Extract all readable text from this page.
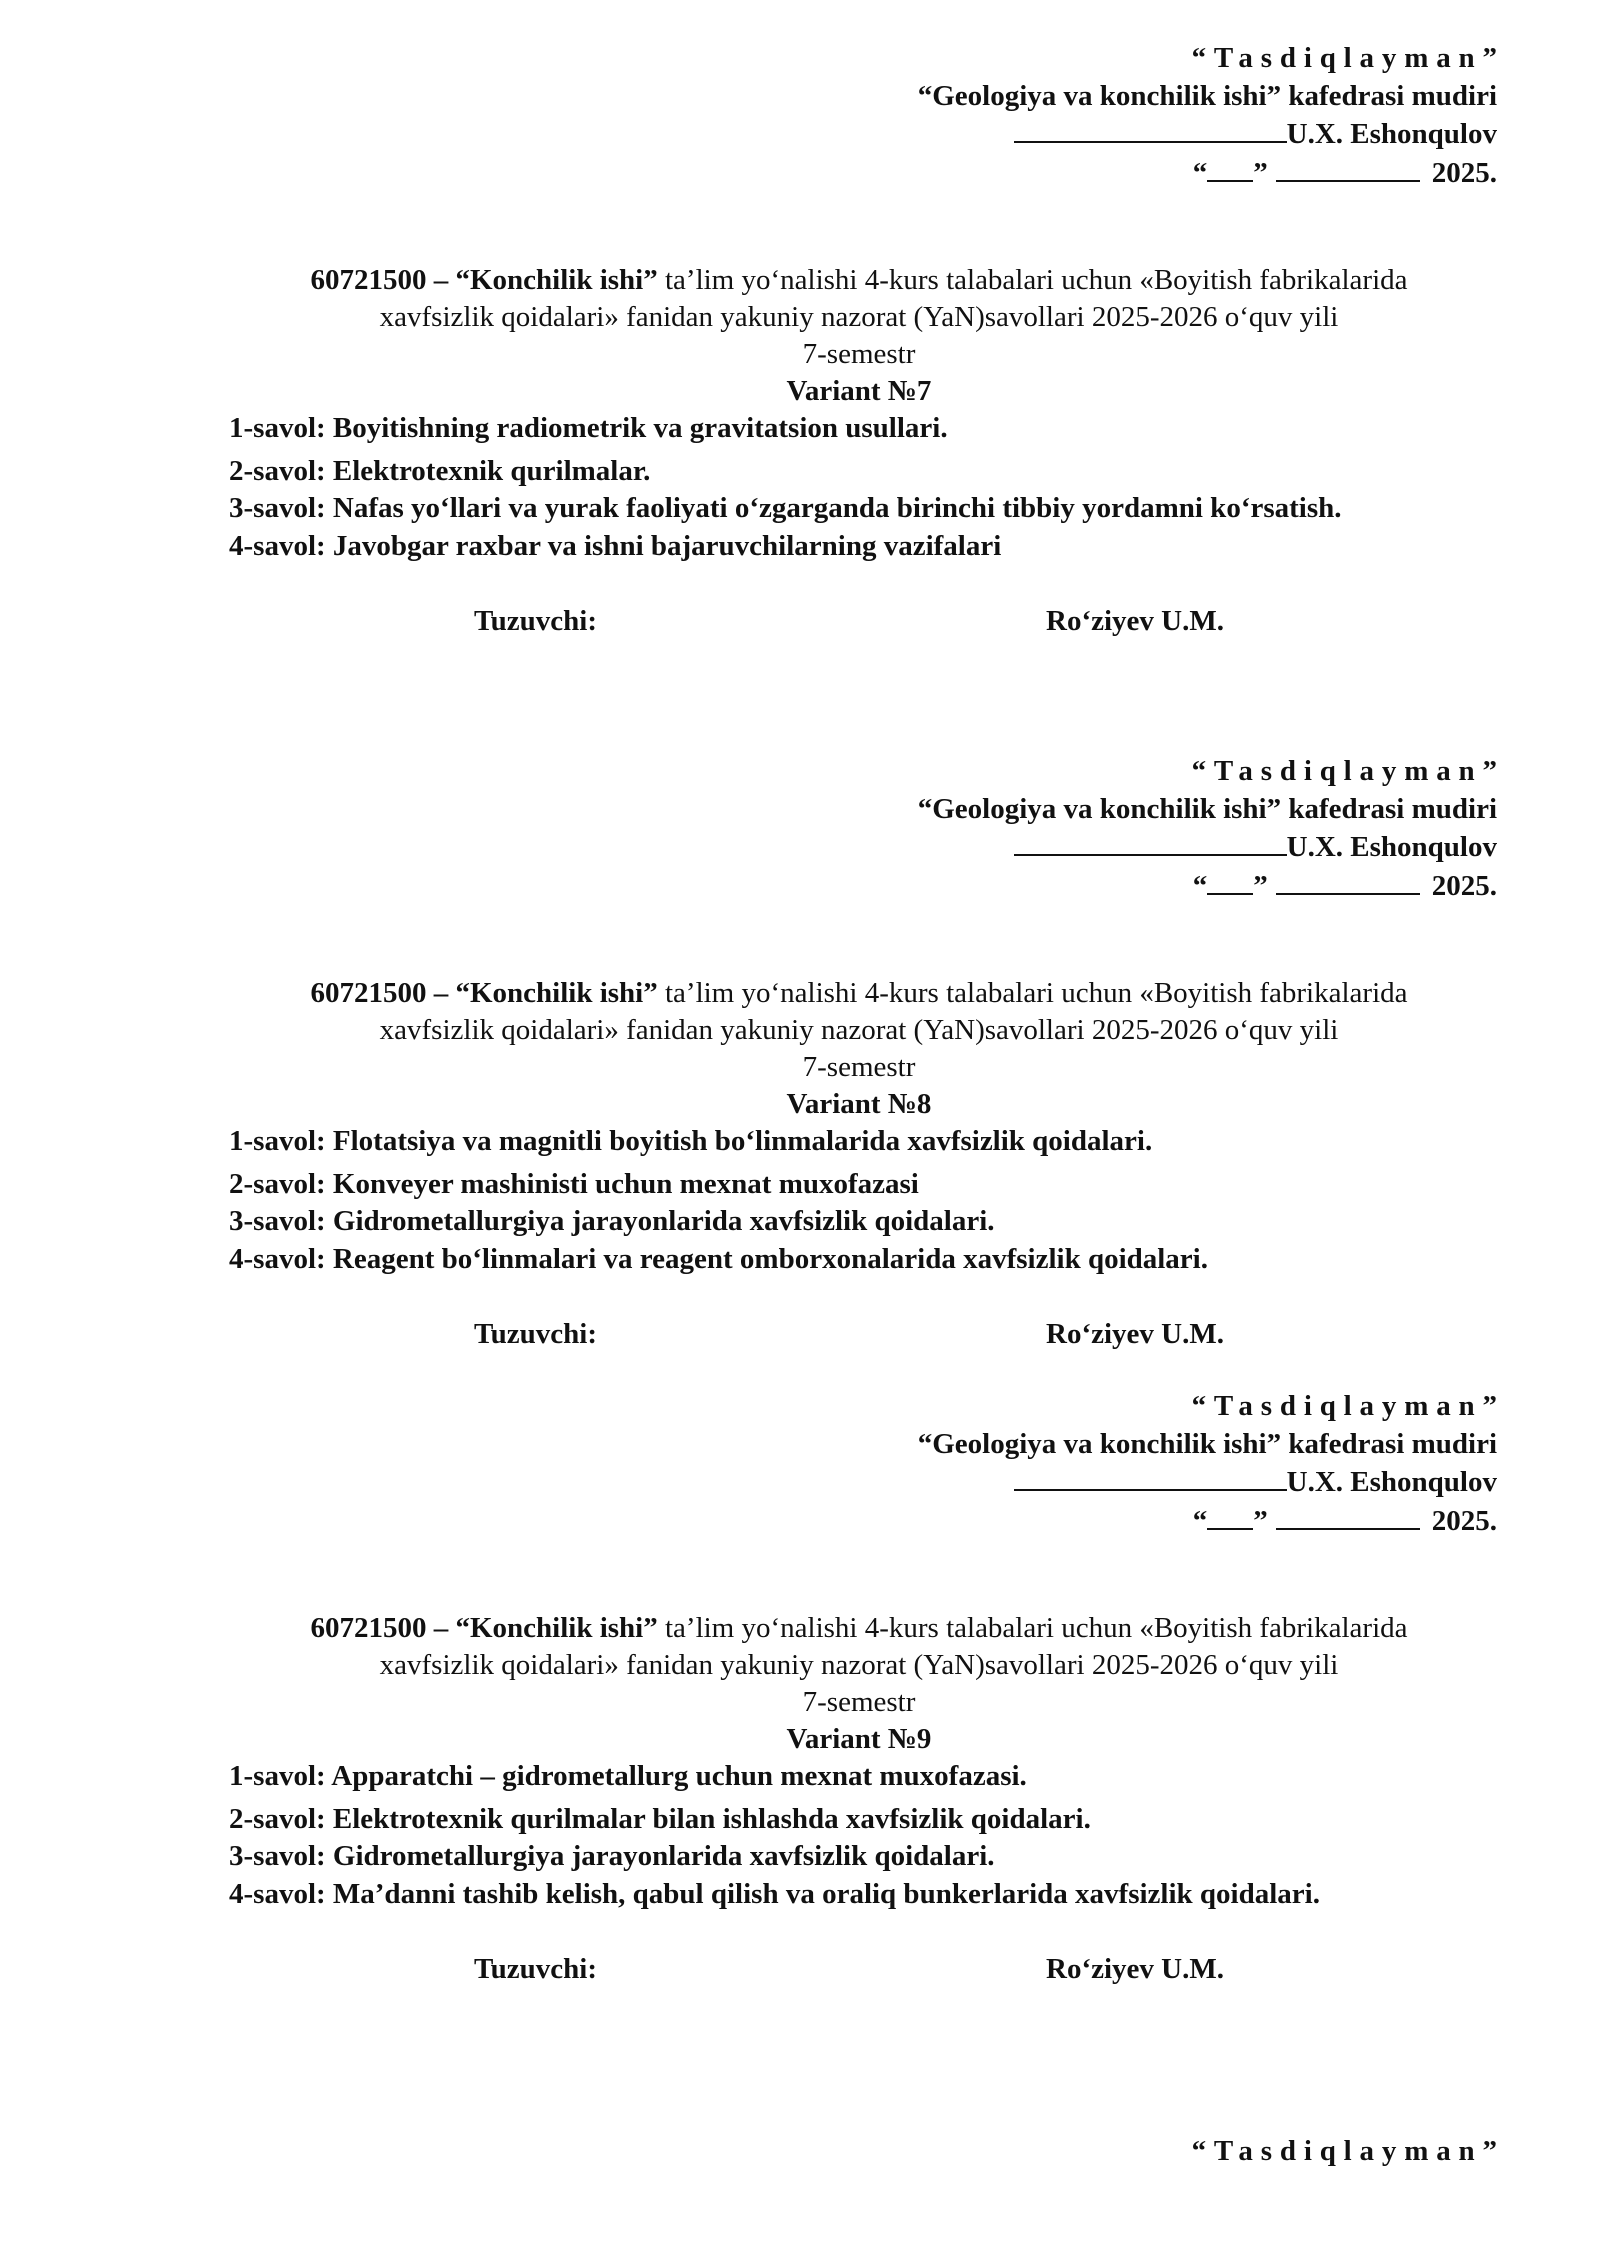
“Tasdiqlayman”
“Geologiya va konchilik ishi” kafedrasi mudiri
U.X. Eshonqulov
“ ”	2025.
60721500 – “Konchilik ishi” ta’lim yo‘nalishi 4-kurs talabalari uchun «Boyitish fabrikalarida
xavfsizlik qoidalari» fanidan yakuniy nazorat (YaN)savollari 2025-2026 o‘quv yili
7-semestr
Variant №7
1-savol: Boyitishning radiometrik va gravitatsion usullari.
2-savol: Elektrotexnik qurilmalar.
3-savol: Nafas yo‘llari va yurak faoliyati o‘zgarganda birinchi tibbiy yordamni ko‘rsatish.
4-savol: Javobgar raxbar va ishni bajaruvchilarning vazifalari
Tuzuvchi:	Ro‘ziyev U.M.
“Tasdiqlayman”
“Geologiya va konchilik ishi” kafedrasi mudiri
U.X. Eshonqulov
“ ”	2025.
60721500 – “Konchilik ishi” ta’lim yo‘nalishi 4-kurs talabalari uchun «Boyitish fabrikalarida
xavfsizlik qoidalari» fanidan yakuniy nazorat (YaN)savollari 2025-2026 o‘quv yili
7-semestr
Variant №8
1-savol: Flotatsiya va magnitli boyitish bo‘linmalarida xavfsizlik qoidalari.
2-savol: Konveyer mashinisti uchun mexnat muxofazasi
3-savol: Gidrometallurgiya jarayonlarida xavfsizlik qoidalari.
4-savol: Reagent bo‘linmalari va reagent omborxonalarida xavfsizlik qoidalari.
Tuzuvchi:	Ro‘ziyev U.M.
“Tasdiqlayman”
“Geologiya va konchilik ishi” kafedrasi mudiri
U.X. Eshonqulov
“ ”	2025.
60721500 – “Konchilik ishi” ta’lim yo‘nalishi 4-kurs talabalari uchun «Boyitish fabrikalarida
xavfsizlik qoidalari» fanidan yakuniy nazorat (YaN)savollari 2025-2026 o‘quv yili
7-semestr
Variant №9
1-savol: Apparatchi – gidrometallurg uchun mexnat muxofazasi.
2-savol: Elektrotexnik qurilmalar bilan ishlashda xavfsizlik qoidalari.
3-savol: Gidrometallurgiya jarayonlarida xavfsizlik qoidalari.
4-savol: Ma’danni tashib kelish, qabul qilish va oraliq bunkerlarida xavfsizlik qoidalari.
Tuzuvchi:	Ro‘ziyev U.M.
“Tasdiqlayman”
